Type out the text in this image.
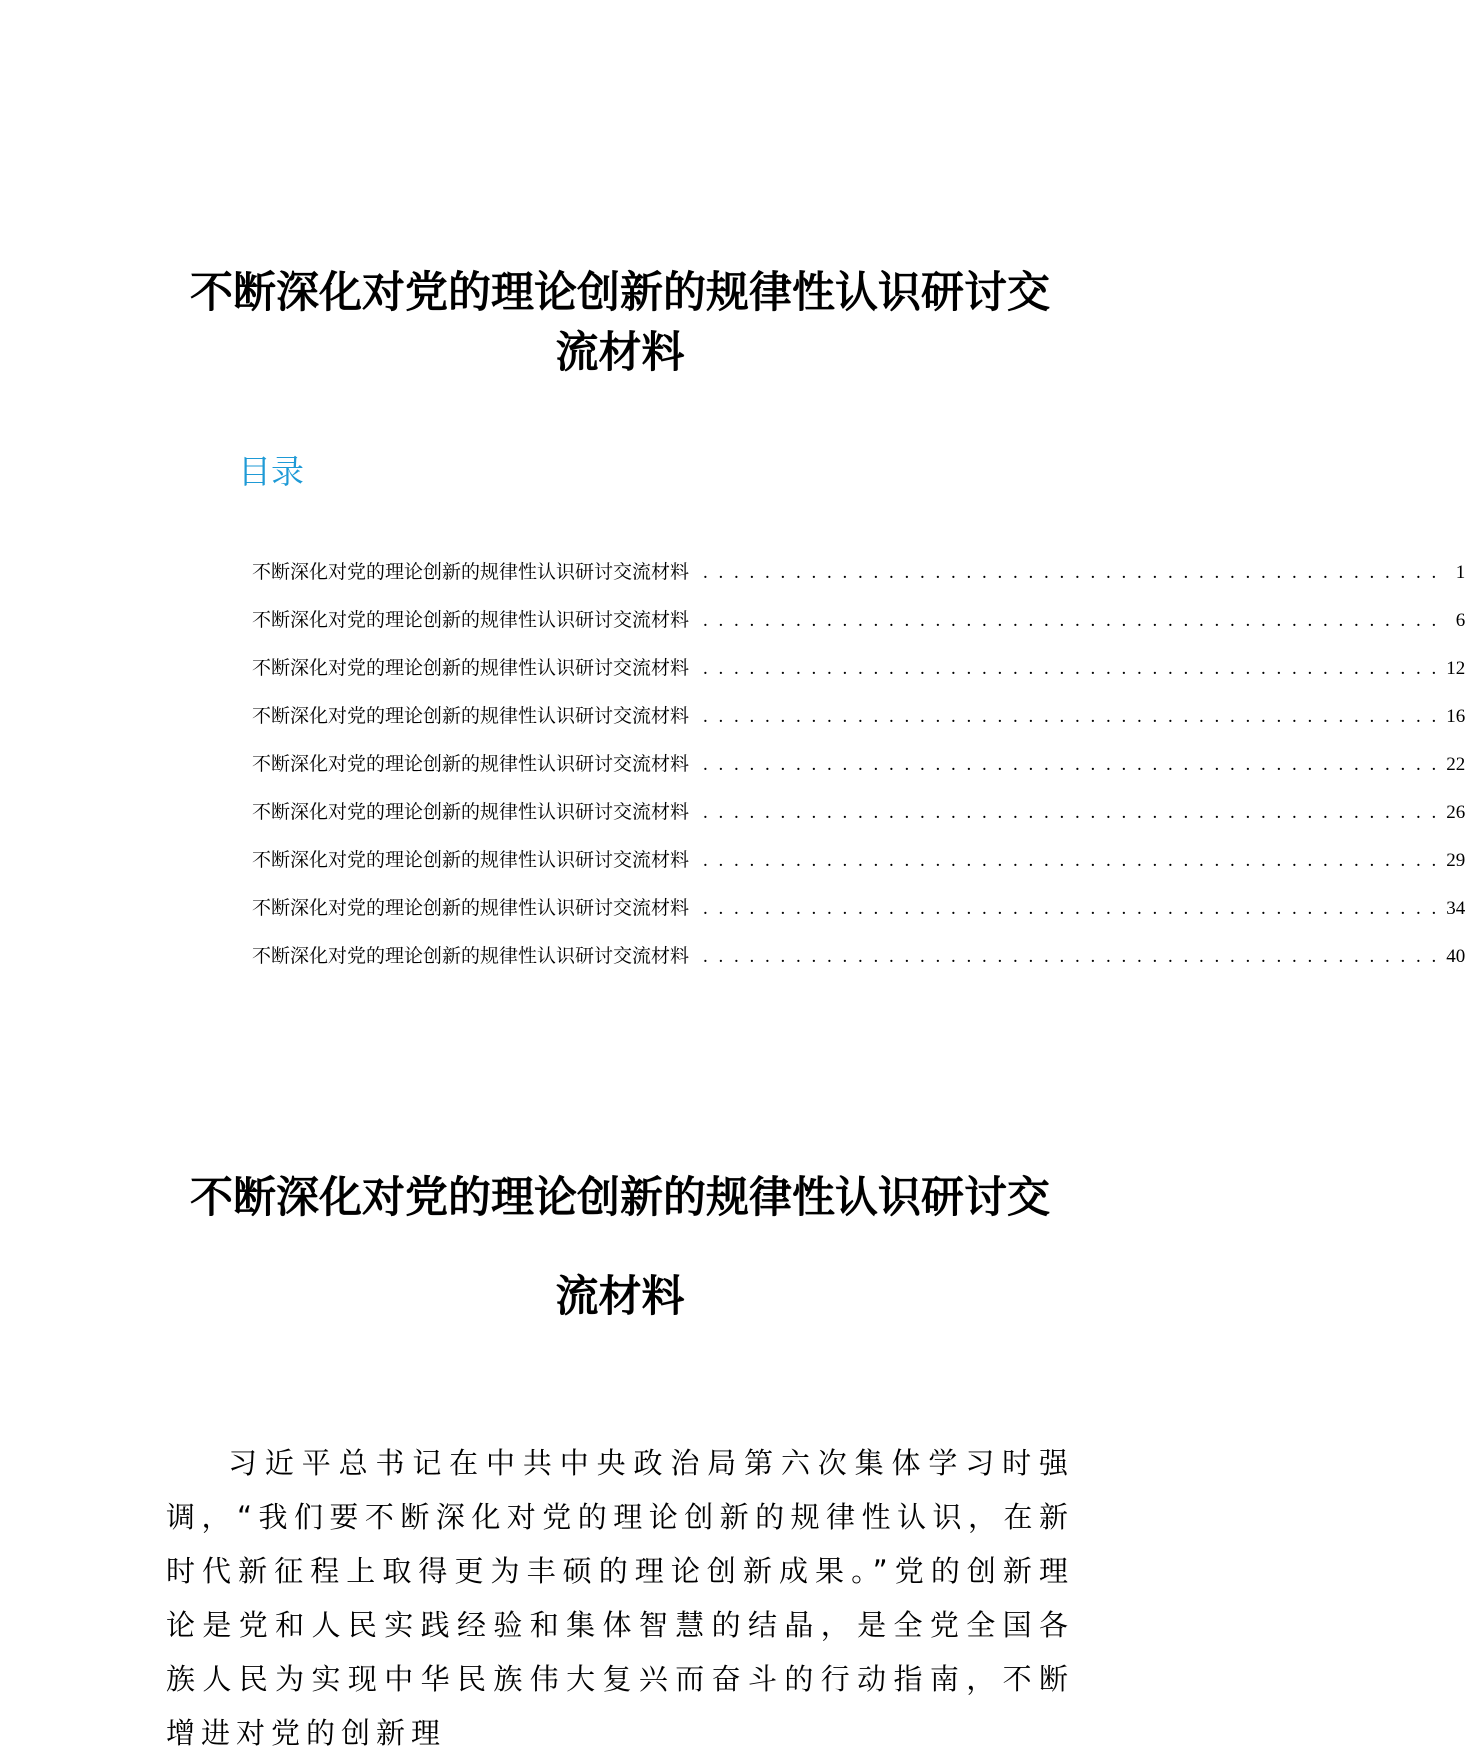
不断深化对党的理论创新的规律性认识研讨交
流材料
目录
不断深化对党的理论创新的规律性认识研讨交流材料 . . . . . . . . . . . . . . . . . . . . . . . . . . . . . . . . . . . . . . . . . . . . . . . . 1
不断深化对党的理论创新的规律性认识研讨交流材料 . . . . . . . . . . . . . . . . . . . . . . . . . . . . . . . . . . . . . . . . . . . . . . . . 6
不断深化对党的理论创新的规律性认识研讨交流材料 . . . . . . . . . . . . . . . . . . . . . . . . . . . . . . . . . . . . . . . . . . . . . . . . 12
不断深化对党的理论创新的规律性认识研讨交流材料 . . . . . . . . . . . . . . . . . . . . . . . . . . . . . . . . . . . . . . . . . . . . . . . . 16
不断深化对党的理论创新的规律性认识研讨交流材料 . . . . . . . . . . . . . . . . . . . . . . . . . . . . . . . . . . . . . . . . . . . . . . . . 22
不断深化对党的理论创新的规律性认识研讨交流材料 . . . . . . . . . . . . . . . . . . . . . . . . . . . . . . . . . . . . . . . . . . . . . . . . 26
不断深化对党的理论创新的规律性认识研讨交流材料 . . . . . . . . . . . . . . . . . . . . . . . . . . . . . . . . . . . . . . . . . . . . . . . . 29
不断深化对党的理论创新的规律性认识研讨交流材料 . . . . . . . . . . . . . . . . . . . . . . . . . . . . . . . . . . . . . . . . . . . . . . . . 34
不断深化对党的理论创新的规律性认识研讨交流材料 . . . . . . . . . . . . . . . . . . . . . . . . . . . . . . . . . . . . . . . . . . . . . . . . 40
不断深化对党的理论创新的规律性认识研讨交
流材料

习近平总书记在中共中央政治局第六次集体学习时强调，“我们要不断深化对党的理论创新的规律性认识，在新时代新征程上取得更为丰硕的理论创新成果。”党的创新理论是党和人民实践经验和集体智慧的结晶，是全党全国各族人民为实现中华民族伟大复兴而奋斗的行动指南，不断增进对党的创新理
